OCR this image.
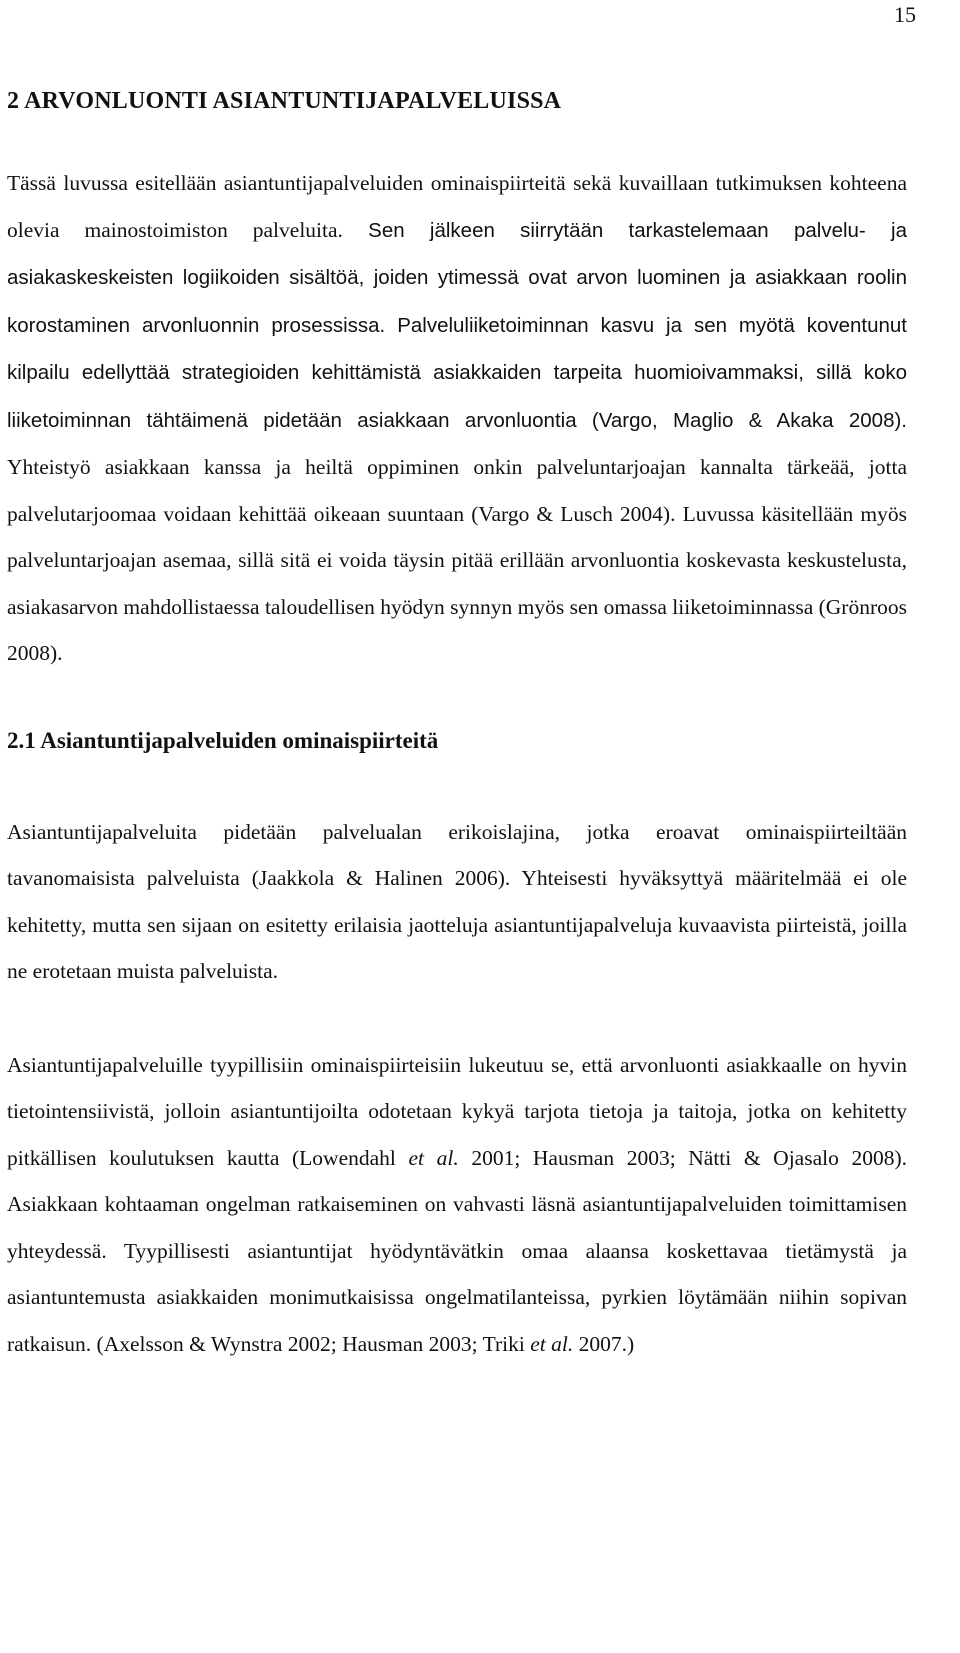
15
2 ARVONLUONTI ASIANTUNTIJAPALVELUISSA

Tässä luvussa esitellään asiantuntijapalveluiden ominaispiirteitä sekä kuvaillaan tutkimuksen kohteena olevia mainostoimiston palveluita. Sen jälkeen siirrytään tarkastelemaan palvelu- ja asiakaskeskeisten logiikoiden sisältöä, joiden ytimessä ovat arvon luominen ja asiakkaan roolin korostaminen arvonluonnin prosessissa. Palveluliiketoiminnan kasvu ja sen myötä koventunut kilpailu edellyttää strategioiden kehittämistä asiakkaiden tarpeita huomioivammaksi, sillä koko liiketoiminnan tähtäimenä pidetään asiakkaan arvonluontia (Vargo, Maglio & Akaka 2008). Yhteistyö asiakkaan kanssa ja heiltä oppiminen onkin palveluntarjoajan kannalta tärkeää, jotta palvelutarjoomaa voidaan kehittää oikeaan suuntaan (Vargo & Lusch 2004). Luvussa käsitellään myös palveluntarjoajan asemaa, sillä sitä ei voida täysin pitää erillään arvonluontia koskevasta keskustelusta, asiakasarvon mahdollistaessa taloudellisen hyödyn synnyn myös sen omassa liiketoiminnassa (Grönroos 2008).

2.1 Asiantuntijapalveluiden ominaispiirteitä

Asiantuntijapalveluita pidetään palvelualan erikoislajina, jotka eroavat ominaispiirteiltään tavanomaisista palveluista (Jaakkola & Halinen 2006). Yhteisesti hyväksyttyä määritelmää ei ole kehitetty, mutta sen sijaan on esitetty erilaisia jaotteluja asiantuntijapalveluja kuvaavista piirteistä, joilla ne erotetaan muista palveluista.

Asiantuntijapalveluille tyypillisiin ominaispiirteisiin lukeutuu se, että arvonluonti asiakkaalle on hyvin tietointensiivistä, jolloin asiantuntijoilta odotetaan kykyä tarjota tietoja ja taitoja, jotka on kehitetty pitkällisen koulutuksen kautta (Lowendahl et al. 2001; Hausman 2003; Nätti & Ojasalo 2008). Asiakkaan kohtaaman ongelman ratkaiseminen on vahvasti läsnä asiantuntijapalveluiden toimittamisen yhteydessä. Tyypillisesti asiantuntijat hyödyntävätkin omaa alaansa koskettavaa tietämystä ja asiantuntemusta asiakkaiden monimutkaisissa ongelmatilanteissa, pyrkien löytämään niihin sopivan ratkaisun. (Axelsson & Wynstra 2002; Hausman 2003; Triki et al. 2007.)
